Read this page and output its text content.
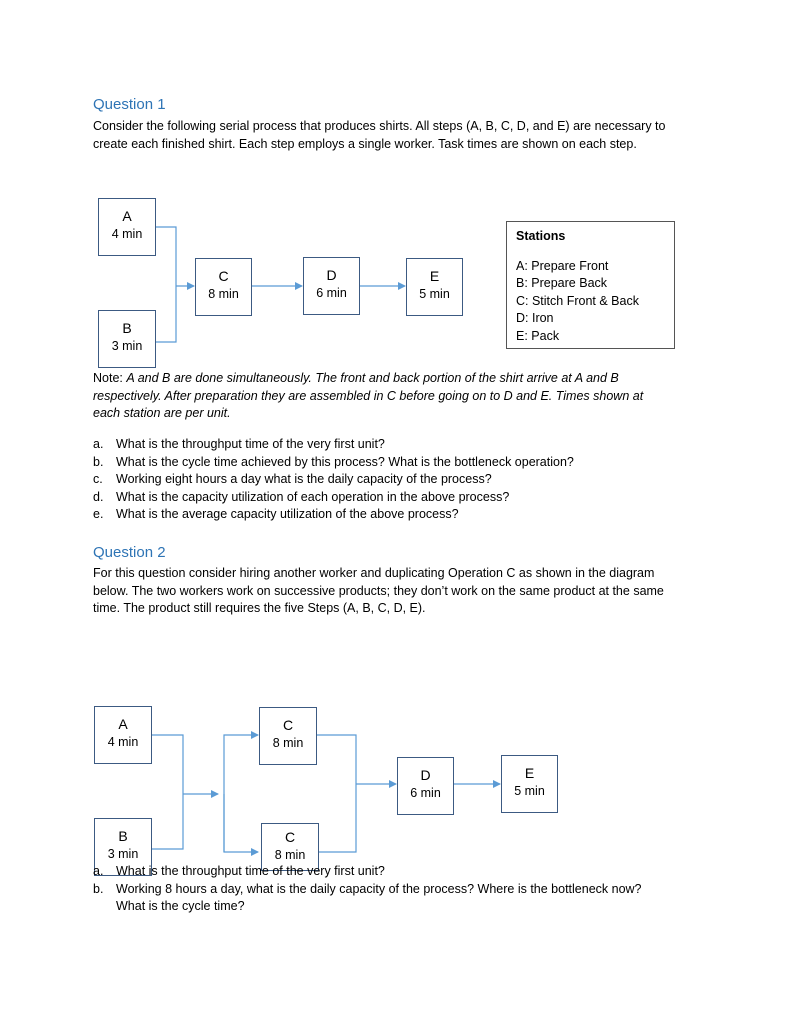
Question 1
Consider the following serial process that produces shirts. All steps (A, B, C, D, and E) are necessary to
create each finished shirt. Each step employs a single worker. Task times are shown on each step.
A
4 min
B
3 min
C
8 min
D
6 min
E
5 min
Stations
A: Prepare Front
B: Prepare Back
C: Stitch Front & Back
D: Iron
E: Pack
Note: A and B are done simultaneously. The front and back portion of the shirt arrive at A and B
respectively. After preparation they are assembled in C before going on to D and E. Times shown at
each station are per unit.
a. What is the throughput time of the very first unit?
b. What is the cycle time achieved by this process? What is the bottleneck operation?
c. Working eight hours a day what is the daily capacity of the process?
d. What is the capacity utilization of each operation in the above process?
e. What is the average capacity utilization of the above process?
Question 2
For this question consider hiring another worker and duplicating Operation C as shown in the diagram
below. The two workers work on successive products; they don’t work on the same product at the same
time. The product still requires the five Steps (A, B, C, D, E).
A
4 min
B
3 min
C
8 min
C
8 min
D
6 min
E
5 min
a. What is the throughput time of the very first unit?
b. Working 8 hours a day, what is the daily capacity of the process? Where is the bottleneck now?
What is the cycle time?
